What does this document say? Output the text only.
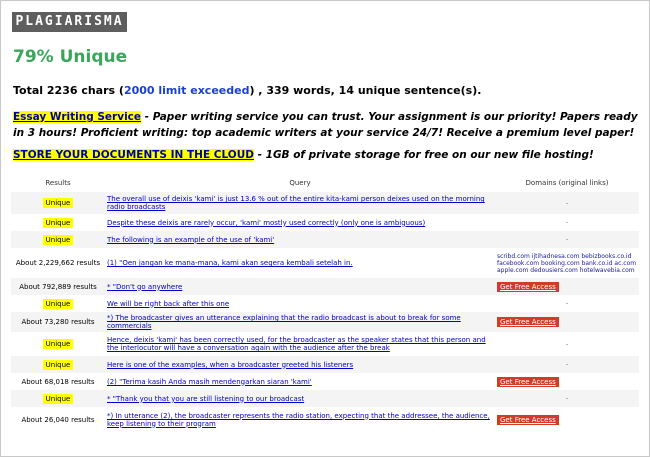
PLAGIARISMA
79% Unique
Total 2236 chars (2000 limit exceeded) , 339 words, 14 unique sentence(s).
Essay Writing Service - Paper writing service you can trust. Your assignment is our priority! Papers ready in 3 hours! Proficient writing: top academic writers at your service 24/7! Receive a premium level paper!
STORE YOUR DOCUMENTS IN THE CLOUD - 1GB of private storage for free on our new file hosting!
Results	Query	Domains (original links)
Unique	The overall use of deixis 'kami' is just 13.6 % out of the entire kita-kami person deixes used on the morning radio broadcasts	-

Unique	Despite these deixis are rarely occur, 'kami' mostly used correctly (only one is ambiguous)	-

Unique	The following is an example of the use of 'kami'	-

About 2,229,662 results	(1) "Oen jangan ke mana-mana, kami akan segera kembali setelah in.	scribd.com ijtihadnesa.com bebizbooks.co.id facebook.com booking.com bank.co.id ac.com apple.com dedousiers.com hotelwavebia.com
About 792,889 results	* "Don't go anywhere	Get Free Access
Unique	We will be right back after this one	-

About 73,280 results	*) The broadcaster gives an utterance explaining that the radio broadcast is about to break for some commercials	Get Free Access
Unique	Hence, deixis 'kami' has been correctly used, for the broadcaster as the speaker states that this person and the interlocutor will have a conversation again with the audience after the break	-

Unique	Here is one of the examples, when a broadcaster greeted his listeners	-

About 68,018 results	(2) "Terima kasih Anda masih mendengarkan siaran 'kami'	Get Free Access
Unique	* "Thank you that you are still listening to our broadcast	-

About 26,040 results	*) In utterance (2), the broadcaster represents the radio station, expecting that the addressee, the audience, keep listening to their program	Get Free Access
